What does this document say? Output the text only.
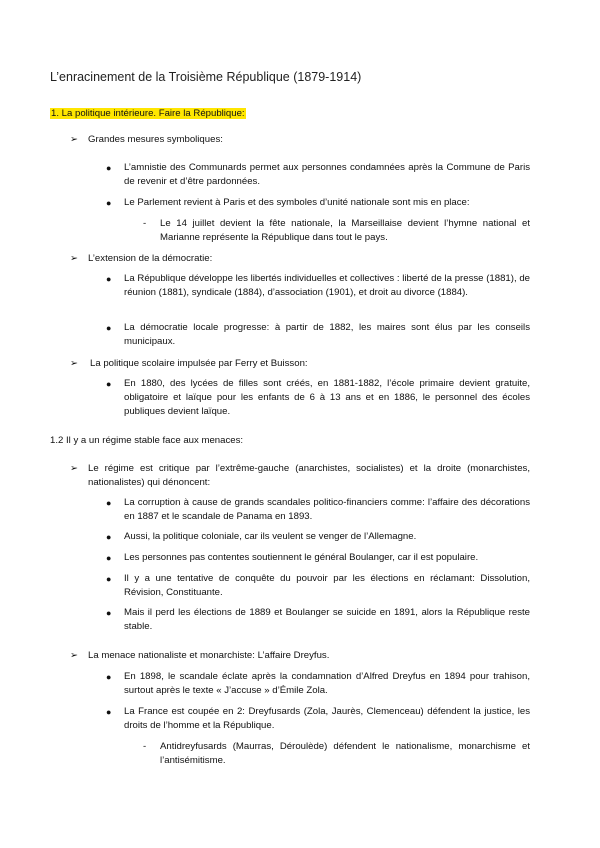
L’enracinement de la Troisième République (1879-1914)
1. La politique intérieure. Faire la République:
➢ Grandes mesures symboliques:
● L’amnistie des Communards permet aux personnes condamnées après la Commune de Paris de revenir et d’être pardonnées.
● Le Parlement revient à Paris et des symboles d’unité nationale sont mis en place:
- Le 14 juillet devient la fête nationale, la Marseillaise devient l’hymne national et Marianne représente la République dans tout le pays.
➢ L’extension de la démocratie:
● La République développe les libertés individuelles et collectives : liberté de la presse (1881), de réunion (1881), syndicale (1884), d’association (1901), et droit au divorce (1884).
● La démocratie locale progresse: à partir de 1882, les maires sont élus par les conseils municipaux.
➢ La politique scolaire impulsée par Ferry et Buisson:
● En 1880, des lycées de filles sont créés, en 1881-1882, l’école primaire devient gratuite, obligatoire et laïque pour les enfants de 6 à 13 ans et en 1886, le personnel des écoles publiques devient laïque.
1.2 Il y a un régime stable face aux menaces:
➢ Le régime est critique par l’extrême-gauche (anarchistes, socialistes) et la droite (monarchistes, nationalistes) qui dénoncent:
● La corruption à cause de grands scandales politico-financiers comme: l’affaire des décorations en 1887 et le scandale de Panama en 1893.
● Aussi, la politique coloniale, car ils veulent se venger de l’Allemagne.
● Les personnes pas contentes soutiennent le général Boulanger, car il est populaire.
● Il y a une tentative de conquête du pouvoir par les élections en réclamant: Dissolution, Révision, Constituante.
● Mais il perd les élections de 1889 et Boulanger se suicide en 1891, alors la République reste stable.
➢ La menace nationaliste et monarchiste: L’affaire Dreyfus.
● En 1898, le scandale éclate après la condamnation d’Alfred Dreyfus en 1894 pour trahison, surtout après le texte « J’accuse » d’Émile Zola.
● La France est coupée en 2: Dreyfusards (Zola, Jaurès, Clemenceau) défendent la justice, les droits de l’homme et la République.
- Antidreyfusards (Maurras, Déroulède) défendent le nationalisme, monarchisme et l’antisémitisme.
